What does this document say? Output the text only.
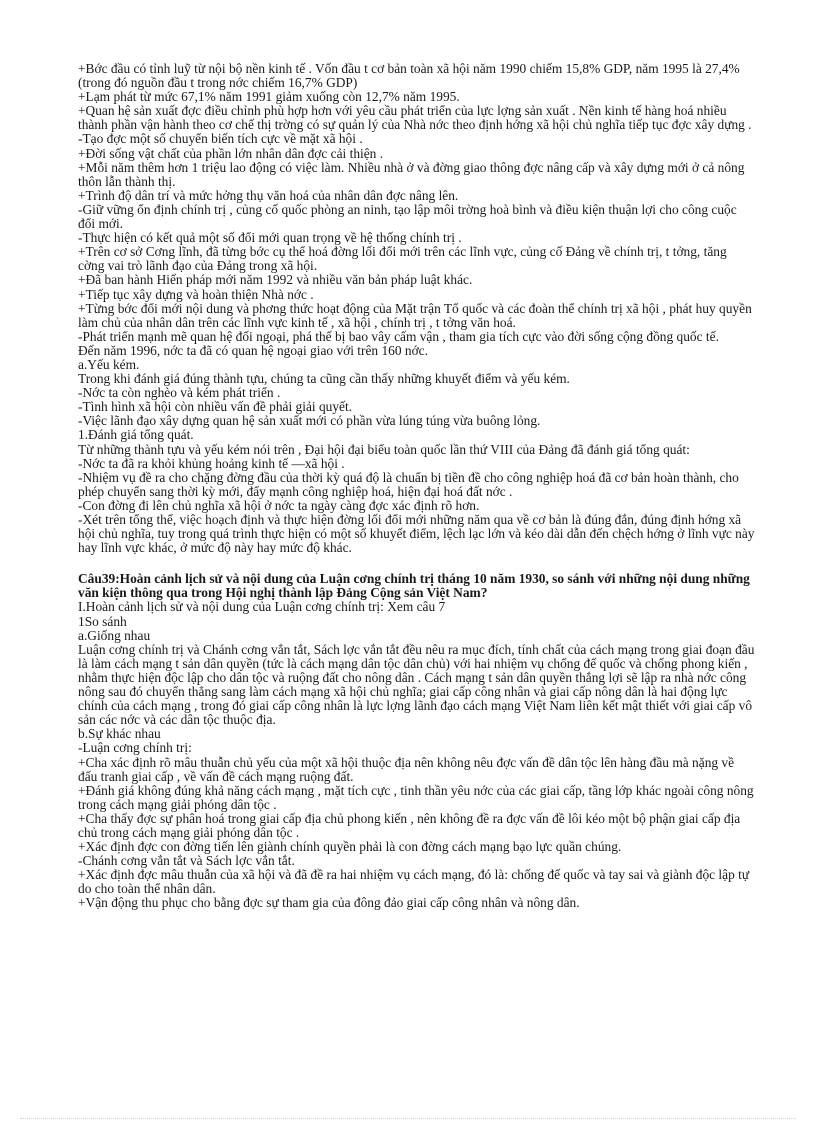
+Bớc đầu có tỉnh luỹ từ nội bộ nền kinh tế . Vốn đầu t cơ bản toàn xã hội năm 1990 chiếm 15,8% GDP, năm 1995 là 27,4% (trong đó nguồn đầu t trong nớc chiếm 16,7% GDP)

+Lạm phát từ mức 67,1% năm 1991 giảm xuống còn 12,7% năm 1995.

+Quan hệ sản xuất đợc điều chỉnh phù hợp hơn với yêu cầu phát triển của lực lợng sản xuất . Nền kinh tế hàng hoá nhiều thành phần vận hành theo cơ chế thị trờng có sự quản lý của Nhà nớc theo định hớng xã hội chủ nghĩa tiếp tục đợc xây dựng .

-Tạo đợc một số chuyển biến tích cực về mặt xã hội .

+Đời sống vật chất của phần lớn nhân dân đợc cải thiện .

+Mỗi năm thêm hơn 1 triệu lao động có việc làm. Nhiều nhà ở và đờng giao thông đợc nâng cấp và xây dựng mới ở cả nông thôn lẫn thành thị.

+Trình độ dân trí và mức hởng thụ văn hoá của nhân dân đợc nâng lên.

-Giữ vững ổn định chính trị , củng cố quốc phòng an ninh, tạo lập môi trờng hoà bình và điều kiện thuận lợi cho công cuộc đổi mới.

-Thực hiện có kết quả một số đổi mới quan trọng về hệ thống chính trị .

+Trên cơ sở Cơng lĩnh, đã từng bớc cụ thể hoá đờng lối đổi mới trên các lĩnh vực, củng cố Đảng về chính trị, t tởng, tăng cờng vai trò lãnh đạo của Đảng trong xã hội.

+Đã ban hành Hiến pháp mới năm 1992 và nhiều văn bản pháp luật khác.

+Tiếp tục xây dựng và hoàn thiện Nhà nớc .

+Từng bớc đổi mới nội dung và phơng thức hoạt động của Mặt trận Tổ quốc và các đoàn thể chính trị xã hội , phát huy quyền làm chủ của nhân dân trên các lĩnh vực kinh tế , xã hội , chính trị , t tởng văn hoá.

-Phát triển mạnh mẽ quan hệ đối ngoại, phá thế bị bao vây cấm vận , tham gia tích cực vào đời sống cộng đồng quốc tế.

Đến năm 1996, nớc ta đã có quan hệ ngoại giao với trên 160 nớc.

a.Yếu kém.

Trong khi đánh giá đúng thành tựu, chúng ta cũng cần thấy những khuyết điểm và yếu kém.

-Nớc ta còn nghèo và kém phát triển .

-Tình hình xã hội còn nhiều vấn đề phải giải quyết.

-Việc lãnh đạo xây dựng quan hệ sản xuất mới có phần vừa lúng túng vừa buông lỏng.

1.Đánh giá tổng quát.

Từ những thành tựu và yếu kém nói trên , Đại hội đại biểu toàn quốc lần thứ VIII của Đảng đã đánh giá tổng quát:

-Nớc ta đã ra khỏi khủng hoảng kinh tế —xã hội .

-Nhiệm vụ đề ra cho chặng đờng đầu của thời kỳ quá độ là chuẩn bị tiền đề cho công nghiệp hoá đã cơ bản hoàn thành, cho phép chuyển sang thời kỳ mới, đẩy mạnh công nghiệp hoá, hiện đại hoá đất nớc .

-Con đờng đi lên chủ nghĩa xã hội ở nớc ta ngày càng đợc xác định rõ hơn.

-Xét trên tổng thể, việc hoạch định và thực hiện đờng lối đổi mới những năm qua về cơ bản là đúng đắn, đúng định hớng xã hội chủ nghĩa, tuy trong quá trình thực hiện có một số khuyết điểm, lệch lạc lớn và kéo dài dẫn đến chệch hớng ở lĩnh vực này hay lĩnh vực khác, ở mức độ này hay mức độ khác.

Câu39:Hoàn cảnh lịch sử và nội dung của Luận cơng chính trị tháng 10 năm 1930, so sánh với những nội dung những văn kiện thông qua trong Hội nghị thành lập Đảng Cộng sản Việt Nam?

I.Hoàn cảnh lịch sử và nội dung của Luận cơng chính trị: Xem câu 7

1So sánh

a.Giống nhau

Luận cơng chính trị và Chánh cơng vắn tắt, Sách lợc vắn tắt đều nêu ra mục đích, tính chất của cách mạng trong giai đoạn đầu là làm cách mạng t sản dân quyền (tức là cách mạng dân tộc dân chủ) với hai nhiệm vụ chống đế quốc và chống phong kiến , nhằm thực hiện độc lập cho dân tộc và ruộng đất cho nông dân . Cách mạng t sản dân quyền thắng lợi sẽ lập ra nhà nớc công nông sau đó chuyển thẳng sang làm cách mạng xã hội chủ nghĩa; giai cấp công nhân và giai cấp nông dân là hai động lực chính của cách mạng , trong đó giai cấp công nhân là lực lợng lãnh đạo cách mạng Việt Nam liên kết mật thiết với giai cấp vô sản các nớc và các dân tộc thuộc địa.

b.Sự khác nhau

-Luận cơng chính trị:

+Cha xác định rõ mâu thuẫn chủ yếu của một xã hội thuộc địa nên không nêu đợc vấn đề dân tộc lên hàng đầu mà nặng về đấu tranh giai cấp , về vấn đề cách mạng ruộng đất.

+Đánh giá không đúng khả năng cách mạng , mặt tích cực , tinh thần yêu nớc của các giai cấp, tầng lớp khác ngoài công nông trong cách mạng giải phóng dân tộc .

+Cha thấy đợc sự phân hoá trong giai cấp địa chủ phong kiến , nên không đề ra đợc vấn đề lôi kéo một bộ phận giai cấp địa chủ trong cách mạng giải phóng dân tộc .

+Xác định đợc con đờng tiến lên giành chính quyền phải là con đờng cách mạng bạo lực quần chúng.

-Chánh cơng vắn tắt và Sách lợc vắn tắt.

+Xác định đợc mâu thuẫn của xã hội và đã đề ra hai nhiệm vụ cách mạng, đó là: chống đế quốc và tay sai và giành độc lập tự do cho toàn thể nhân dân.

+Vận động thu phục cho bằng đợc sự tham gia của đông đảo giai cấp công nhân và nông dân.
